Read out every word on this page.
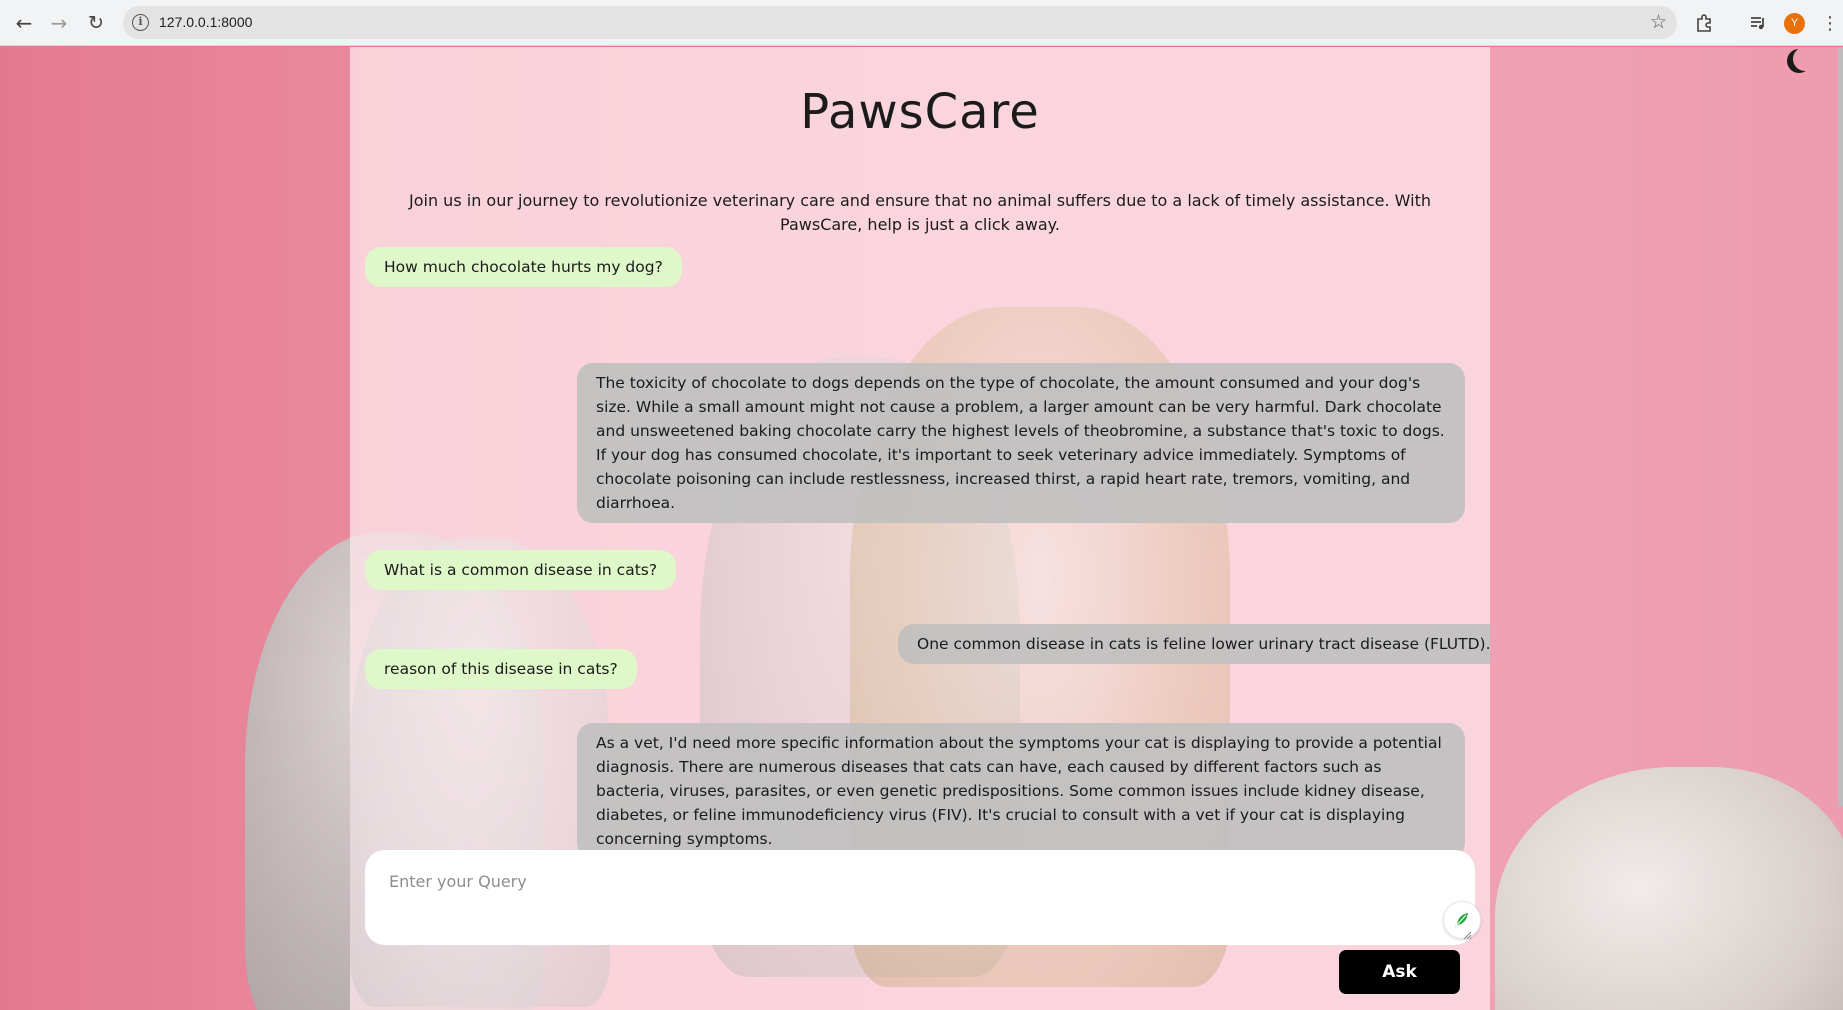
← → ↻	i	127.0.0.1:8000	☆	Y	⋮
PawsCare

Join us in our journey to revolutionize veterinary care and ensure that no animal suffers due to a lack of timely assistance. With PawsCare, help is just a click away.

How much chocolate hurts my dog?
The toxicity of chocolate to dogs depends on the type of chocolate, the amount consumed and your dog's size. While a small amount might not cause a problem, a larger amount can be very harmful. Dark chocolate and unsweetened baking chocolate carry the highest levels of theobromine, a substance that's toxic to dogs. If your dog has consumed chocolate, it's important to seek veterinary advice immediately. Symptoms of chocolate poisoning can include restlessness, increased thirst, a rapid heart rate, tremors, vomiting, and diarrhoea.
What is a common disease in cats?
One common disease in cats is feline lower urinary tract disease (FLUTD).
reason of this disease in cats?
As a vet, I'd need more specific information about the symptoms your cat is displaying to provide a potential diagnosis. There are numerous diseases that cats can have, each caused by different factors such as bacteria, viruses, parasites, or even genetic predispositions. Some common issues include kidney disease, diabetes, or feline immunodeficiency virus (FIV). It's crucial to consult with a vet if your cat is displaying concerning symptoms.
Enter your Query
Ask
